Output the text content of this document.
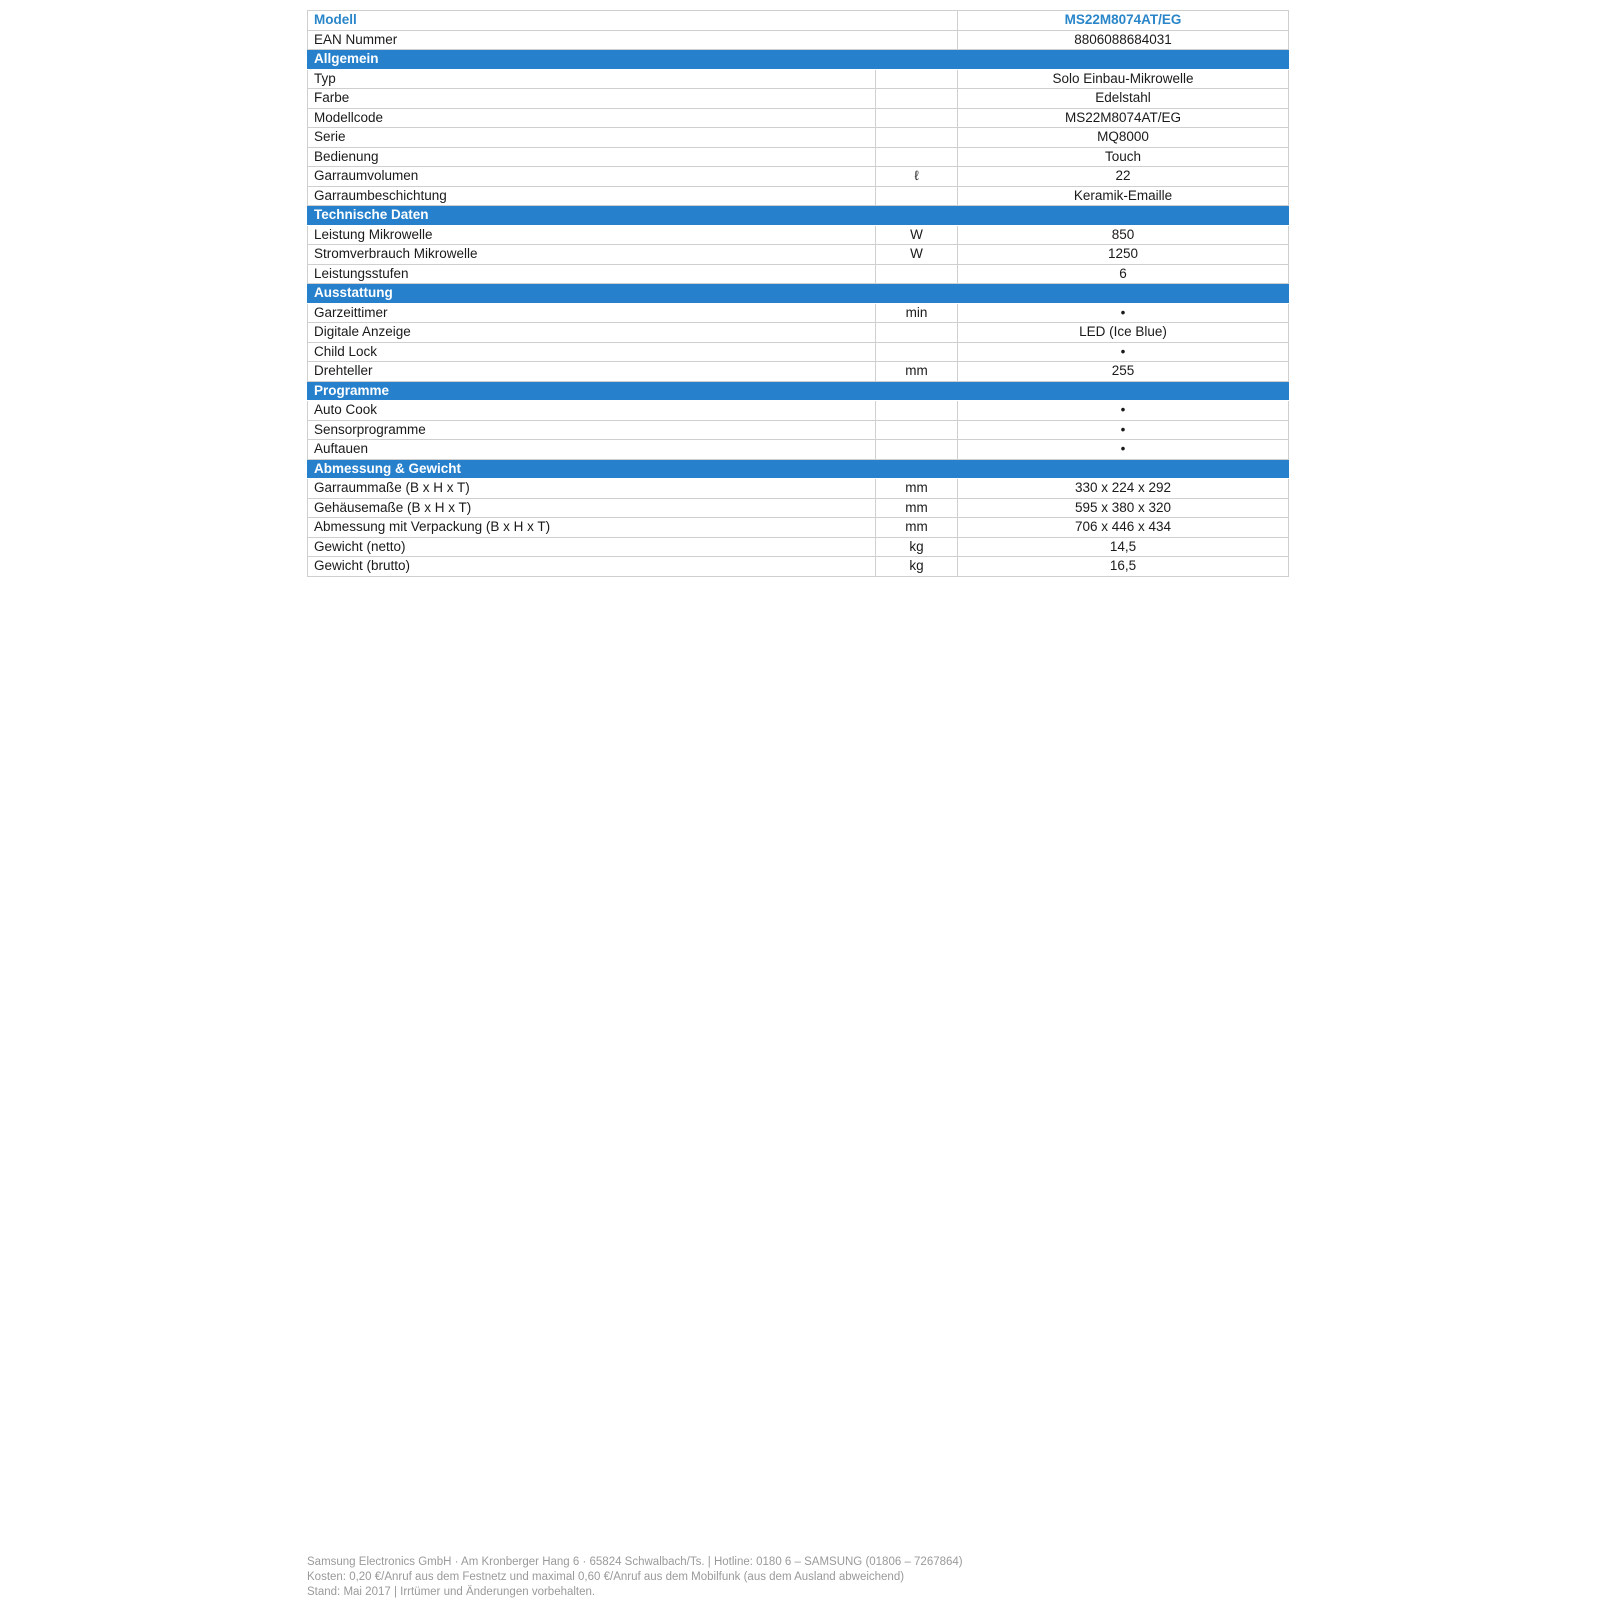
Modell		MS22M8074AT/EG
EAN Nummer		8806088684031
Allgemein		
Typ		Solo Einbau-Mikrowelle
Farbe		Edelstahl
Modellcode		MS22M8074AT/EG
Serie		MQ8000
Bedienung		Touch
Garraumvolumen	ℓ	22
Garraumbeschichtung		Keramik-Emaille
Technische Daten		
Leistung Mikrowelle	W	850
Stromverbrauch Mikrowelle	W	1250
Leistungsstufen		6
Ausstattung		
Garzeittimer	min	•
Digitale Anzeige		LED (Ice Blue)
Child Lock		•
Drehteller	mm	255
Programme		
Auto Cook		•
Sensorprogramme		•
Auftauen		•
Abmessung & Gewicht		
Garraummaße (B x H x T)	mm	330 x 224 x 292
Gehäusemaße (B x H x T)	mm	595 x 380 x 320
Abmessung mit Verpackung (B x H x T)	mm	706 x 446 x 434
Gewicht (netto)	kg	14,5
Gewicht (brutto)	kg	16,5
Samsung Electronics GmbH · Am Kronberger Hang 6 · 65824 Schwalbach/Ts. | Hotline: 0180 6 – SAMSUNG (01806 – 7267864)
Kosten: 0,20 €/Anruf aus dem Festnetz und maximal 0,60 €/Anruf aus dem Mobilfunk (aus dem Ausland abweichend)
Stand: Mai 2017 | Irrtümer und Änderungen vorbehalten.
